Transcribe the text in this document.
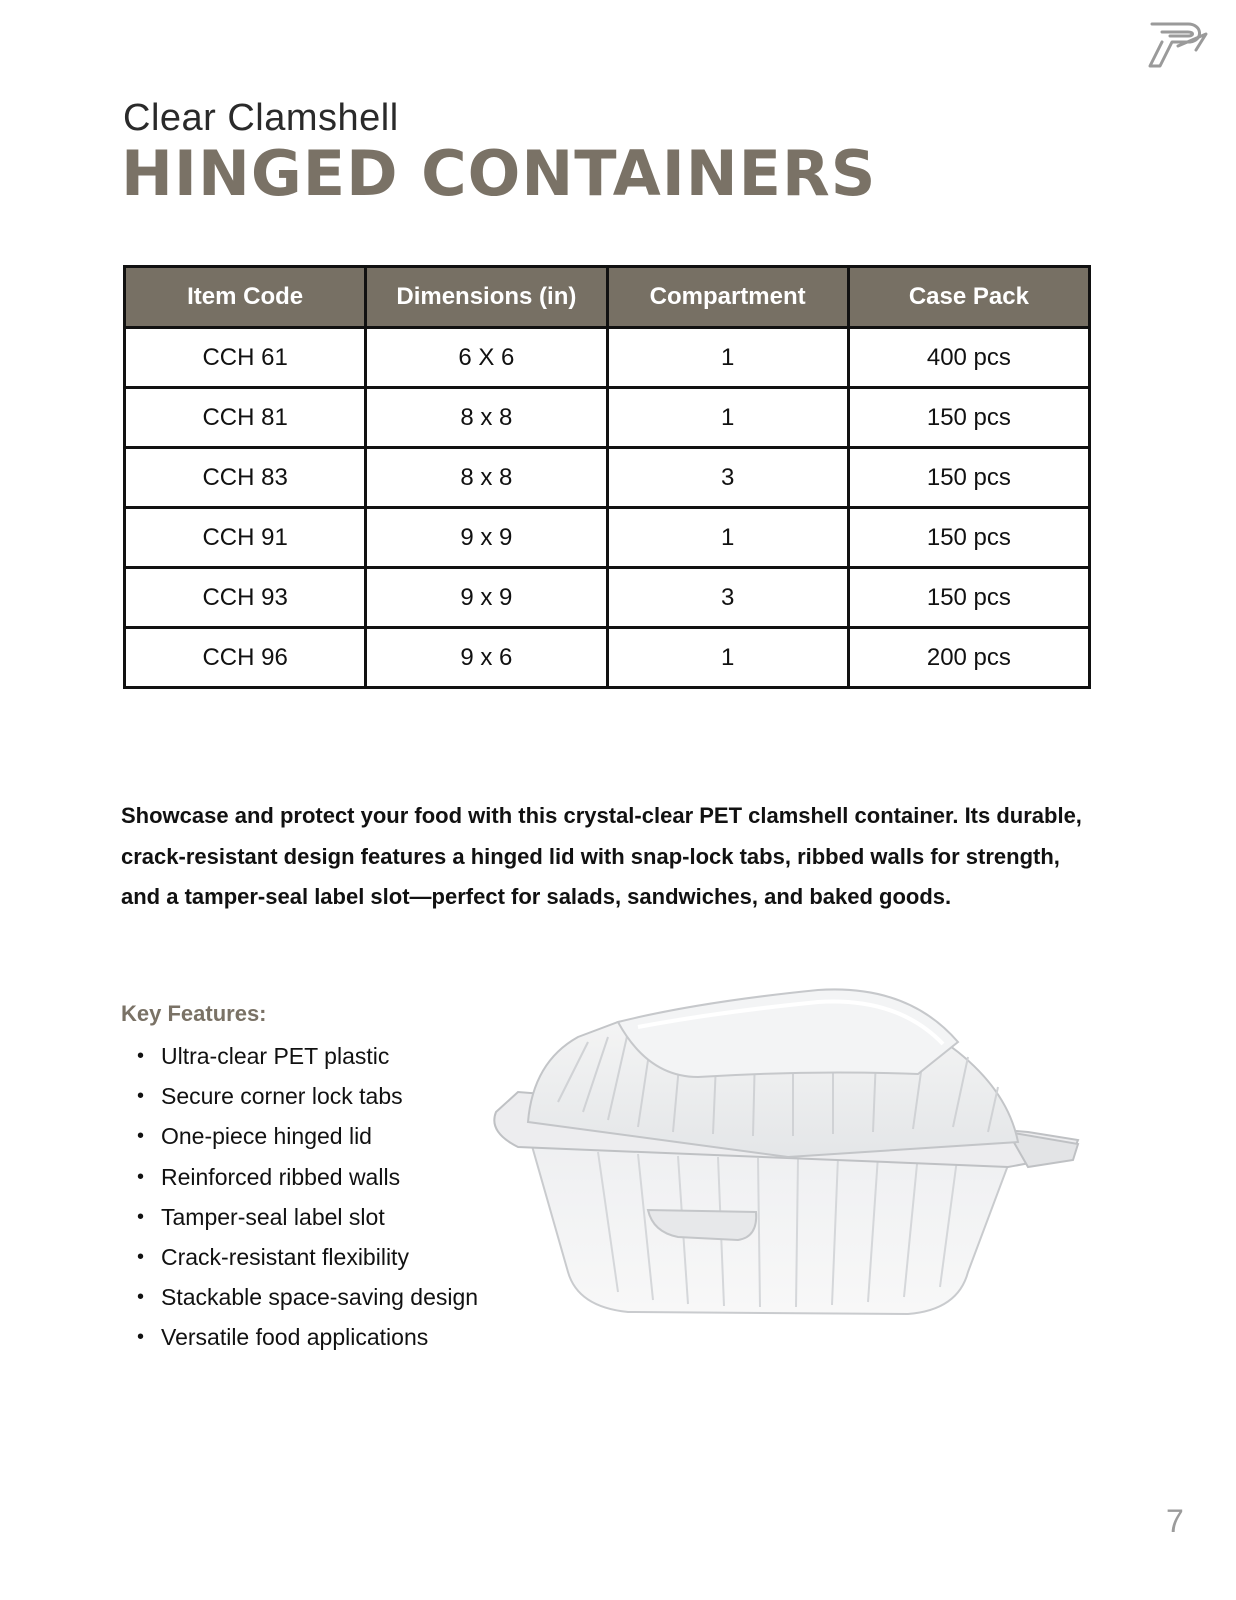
Clear Clamshell
HINGED CONTAINERS
Item Code	Dimensions (in)	Compartment	Case Pack
CCH 61	6 X 6	1	400 pcs
CCH 81	8 x 8	1	150 pcs
CCH 83	8 x 8	3	150 pcs
CCH 91	9 x 9	1	150 pcs
CCH 93	9 x 9	3	150 pcs
CCH 96	9 x 6	1	200 pcs
Showcase and protect your food with this crystal-clear PET clamshell container. Its durable, crack-resistant design features a hinged lid with snap-lock tabs, ribbed walls for strength, and a tamper-seal label slot—perfect for salads, sandwiches, and baked goods.
Key Features:
• Ultra-clear PET plastic
• Secure corner lock tabs
• One-piece hinged lid
• Reinforced ribbed walls
• Tamper-seal label slot
• Crack-resistant flexibility
• Stackable space-saving design
• Versatile food applications
7
